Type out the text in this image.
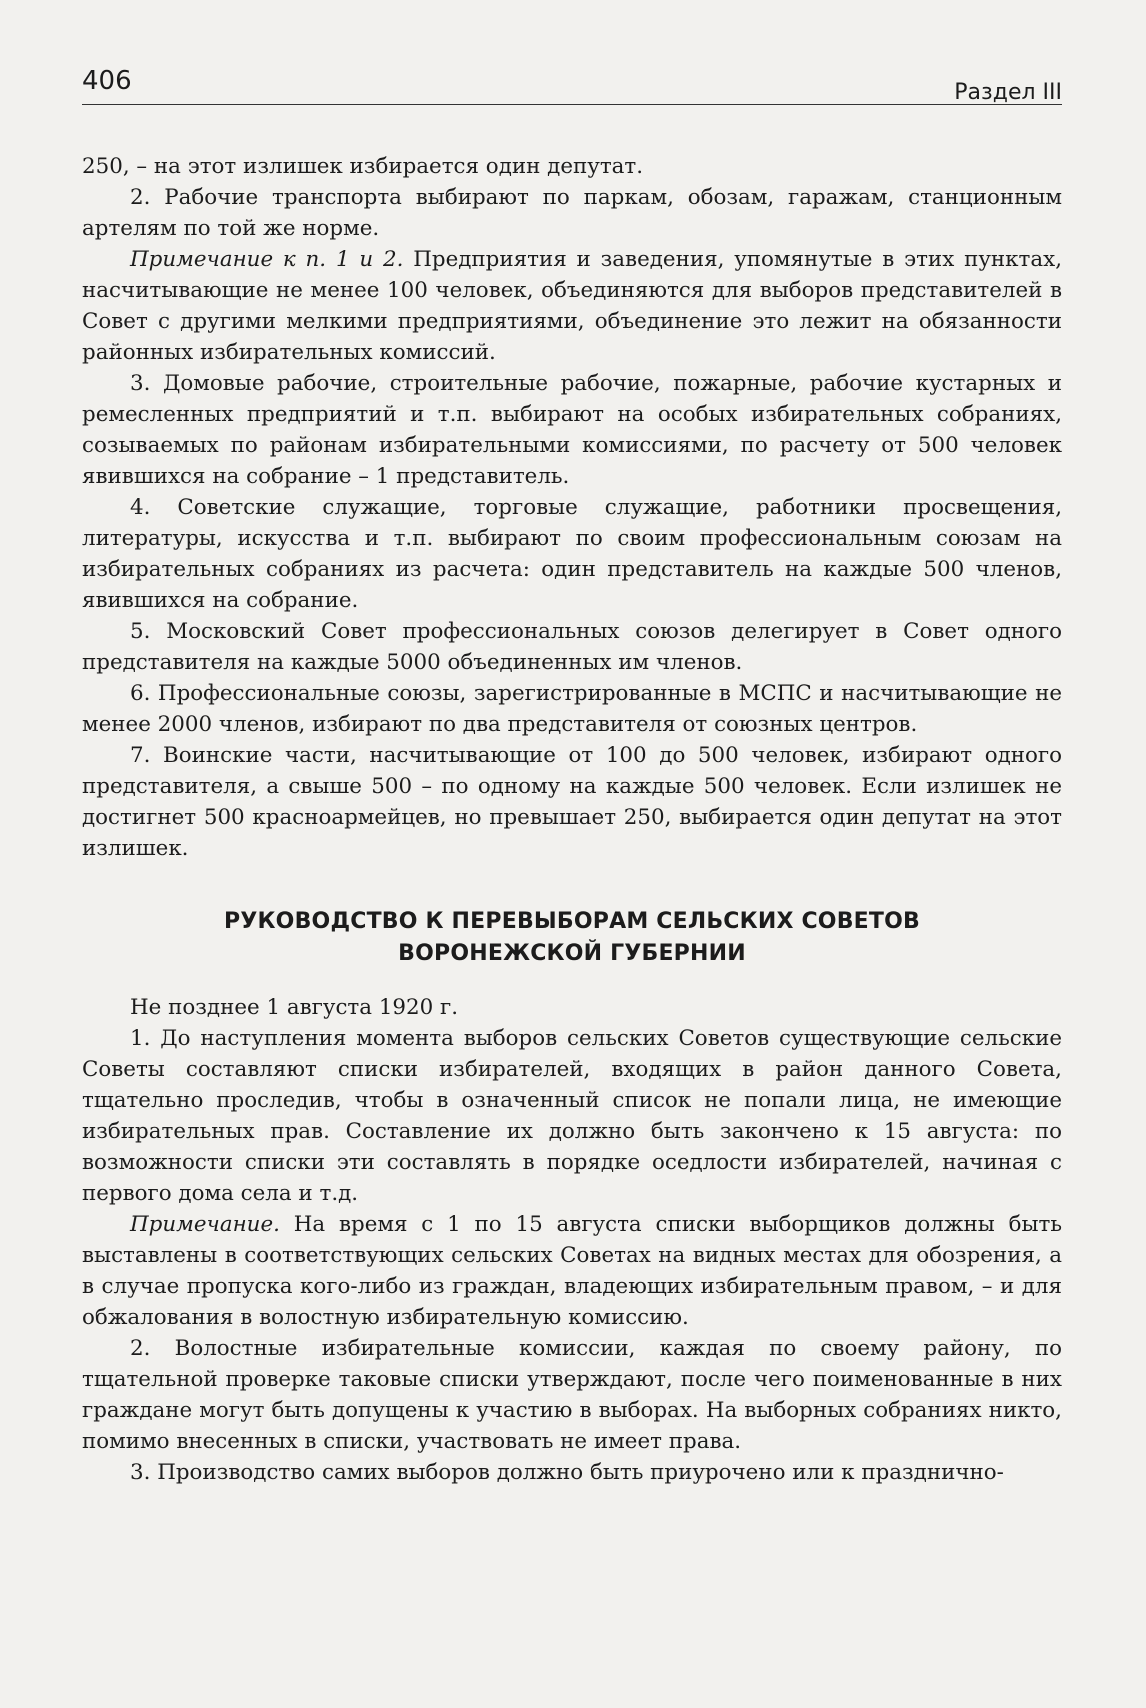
406	Раздел III

250, – на этот излишек избирается один депутат.

2. Рабочие транспорта выбирают по паркам, обозам, гаражам, станционным артелям по той же норме.

Примечание к п. 1 и 2. Предприятия и заведения, упомянутые в этих пунктах, насчитывающие не менее 100 человек, объединяются для выборов представителей в Совет с другими мелкими предприятиями, объединение это лежит на обязанности районных избирательных комиссий.

3. Домовые рабочие, строительные рабочие, пожарные, рабочие кустарных и ремесленных предприятий и т.п. выбирают на особых избирательных собраниях, созываемых по районам избирательными комиссиями, по расчету от 500 человек явившихся на собрание – 1 представитель.

4. Советские служащие, торговые служащие, работники просвещения, литературы, искусства и т.п. выбирают по своим профессиональным союзам на избирательных собраниях из расчета: один представитель на каждые 500 членов, явившихся на собрание.

5. Московский Совет профессиональных союзов делегирует в Совет одного представителя на каждые 5000 объединенных им членов.

6. Профессиональные союзы, зарегистрированные в МСПС и насчитывающие не менее 2000 членов, избирают по два представителя от союзных центров.

7. Воинские части, насчитывающие от 100 до 500 человек, избирают одного представителя, а свыше 500 – по одному на каждые 500 человек. Если излишек не достигнет 500 красноармейцев, но превышает 250, выбирается один депутат на этот излишек.

РУКОВОДСТВО К ПЕРЕВЫБОРАМ СЕЛЬСКИХ СОВЕТОВ
ВОРОНЕЖСКОЙ ГУБЕРНИИ

Не позднее 1 августа 1920 г.

1. До наступления момента выборов сельских Советов существующие сельские Советы составляют списки избирателей, входящих в район данного Совета, тщательно проследив, чтобы в означенный список не попали лица, не имеющие избирательных прав. Составление их должно быть закончено к 15 августа: по возможности списки эти составлять в порядке оседлости избирателей, начиная с первого дома села и т.д.

Примечание. На время с 1 по 15 августа списки выборщиков должны быть выставлены в соответствующих сельских Советах на видных местах для обозрения, а в случае пропуска кого-либо из граждан, владеющих избирательным правом, – и для обжалования в волостную избирательную комиссию.

2. Волостные избирательные комиссии, каждая по своему району, по тщательной проверке таковые списки утверждают, после чего поименованные в них граждане могут быть допущены к участию в выборах. На выборных собраниях никто, помимо внесенных в списки, участвовать не имеет права.

3. Производство самих выборов должно быть приурочено или к празднично-
